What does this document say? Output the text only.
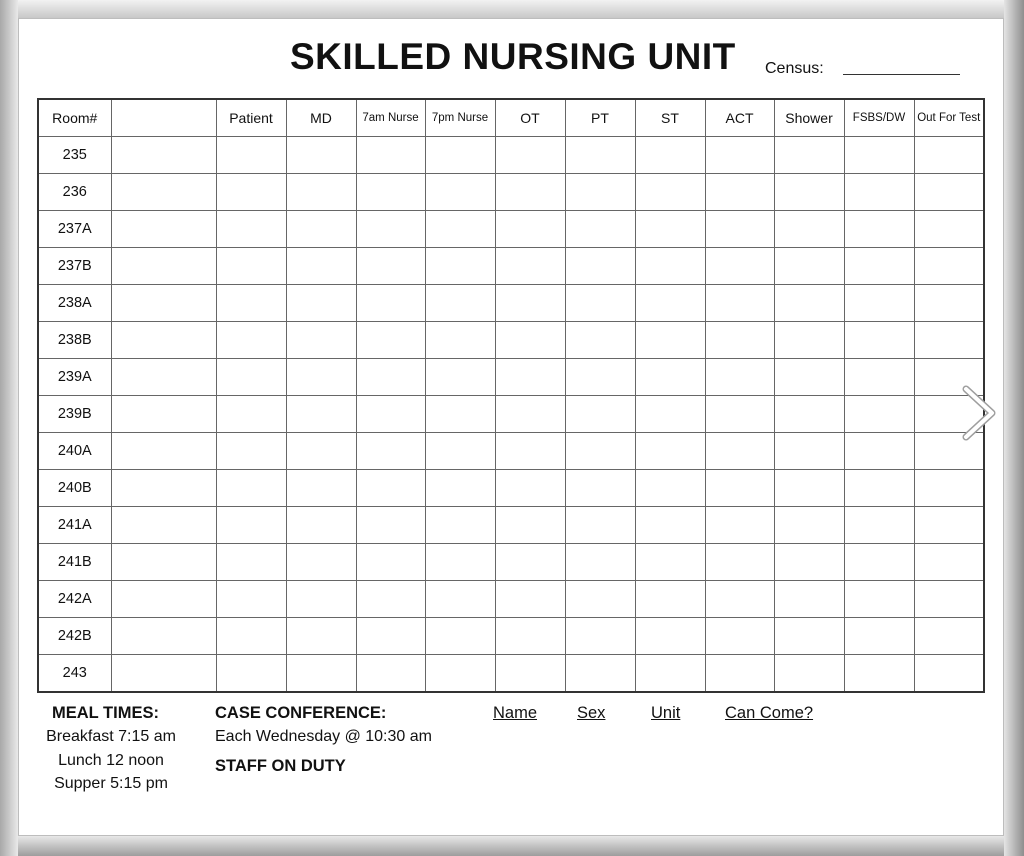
SKILLED NURSING UNIT Census:
Room#		Patient	MD	7am Nurse	7pm Nurse	OT	PT	ST	ACT	Shower	FSBS/DW	Out For Test
235												
236												
237A												
237B												
238A												
238B												
239A												
239B												
240A												
240B												
241A												
241B												
242A												
242B												
243												
MEAL TIMES:
Breakfast 7:15 am
Lunch 12 noon
Supper 5:15 pm
CASE CONFERENCE:
Each Wednesday @ 10:30 am
STAFF ON DUTY
Name Sex	Unit	Can Come?
